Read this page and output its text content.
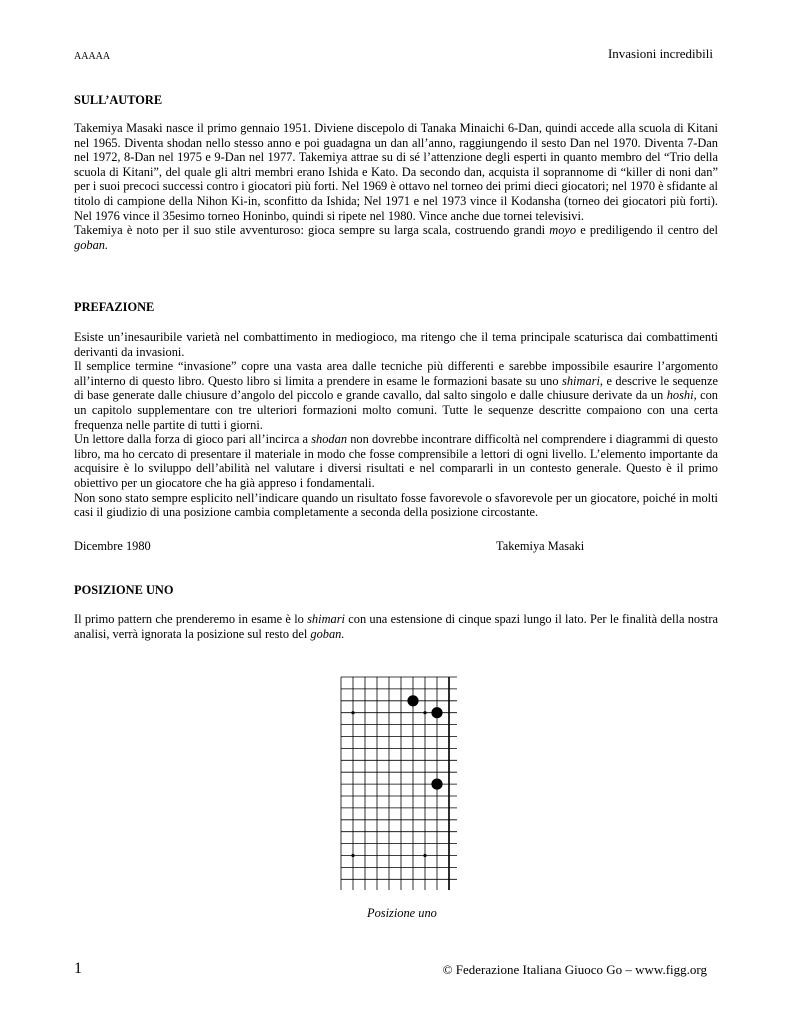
AAAAA	Invasioni incredibili
SULL’AUTORE

Takemiya Masaki nasce il primo gennaio 1951. Diviene discepolo di Tanaka Minaichi 6-Dan, quindi accede alla scuola di Kitani nel 1965. Diventa shodan nello stesso anno e poi guadagna un dan all’anno, raggiungendo il sesto Dan nel 1970. Diventa 7-Dan nel 1972, 8-Dan nel 1975 e 9-Dan nel 1977. Takemiya attrae su di sé l’attenzione degli esperti in quanto membro del “Trio della scuola di Kitani”, del quale gli altri membri erano Ishida e Kato. Da secondo dan, acquista il soprannome di “killer di noni dan” per i suoi precoci successi contro i giocatori più forti. Nel 1969 è ottavo nel torneo dei primi dieci giocatori; nel 1970 è sfidante al titolo di campione della Nihon Ki-in, sconfitto da Ishida; Nel 1971 e nel 1973 vince il Kodansha (torneo dei giocatori più forti). Nel 1976 vince il 35esimo torneo Honinbo, quindi si ripete nel 1980. Vince anche due tornei televisivi.

Takemiya è noto per il suo stile avventuroso: gioca sempre su larga scala, costruendo grandi moyo e prediligendo il centro del goban.

PREFAZIONE

Esiste un’inesauribile varietà nel combattimento in mediogioco, ma ritengo che il tema principale scaturisca dai combattimenti derivanti da invasioni.

Il semplice termine “invasione” copre una vasta area dalle tecniche più differenti e sarebbe impossibile esaurire l’argomento all’interno di questo libro. Questo libro si limita a prendere in esame le formazioni basate su uno shimari, e descrive le sequenze di base generate dalle chiusure d’angolo del piccolo e grande cavallo, dal salto singolo e dalle chiusure derivate da un hoshi, con un capitolo supplementare con tre ulteriori formazioni molto comuni. Tutte le sequenze descritte compaiono con una certa frequenza nelle partite di tutti i giorni.

Un lettore dalla forza di gioco pari all’incirca a shodan non dovrebbe incontrare difficoltà nel comprendere i diagrammi di questo libro, ma ho cercato di presentare il materiale in modo che fosse comprensibile a lettori di ogni livello. L’elemento importante da acquisire è lo sviluppo dell’abilità nel valutare i diversi risultati e nel compararli in un contesto generale. Questo è il primo obiettivo per un giocatore che ha già appreso i fondamentali.

Non sono stato sempre esplicito nell’indicare quando un risultato fosse favorevole o sfavorevole per un giocatore, poiché in molti casi il giudizio di una posizione cambia completamente a seconda della posizione circostante.

Dicembre 1980	Takemiya Masaki
POSIZIONE UNO

Il primo pattern che prenderemo in esame è lo shimari con una estensione di cinque spazi lungo il lato. Per le finalità della nostra analisi, verrà ignorata la posizione sul resto del goban.

Posizione uno
1	© Federazione Italiana Giuoco Go – www.figg.org
